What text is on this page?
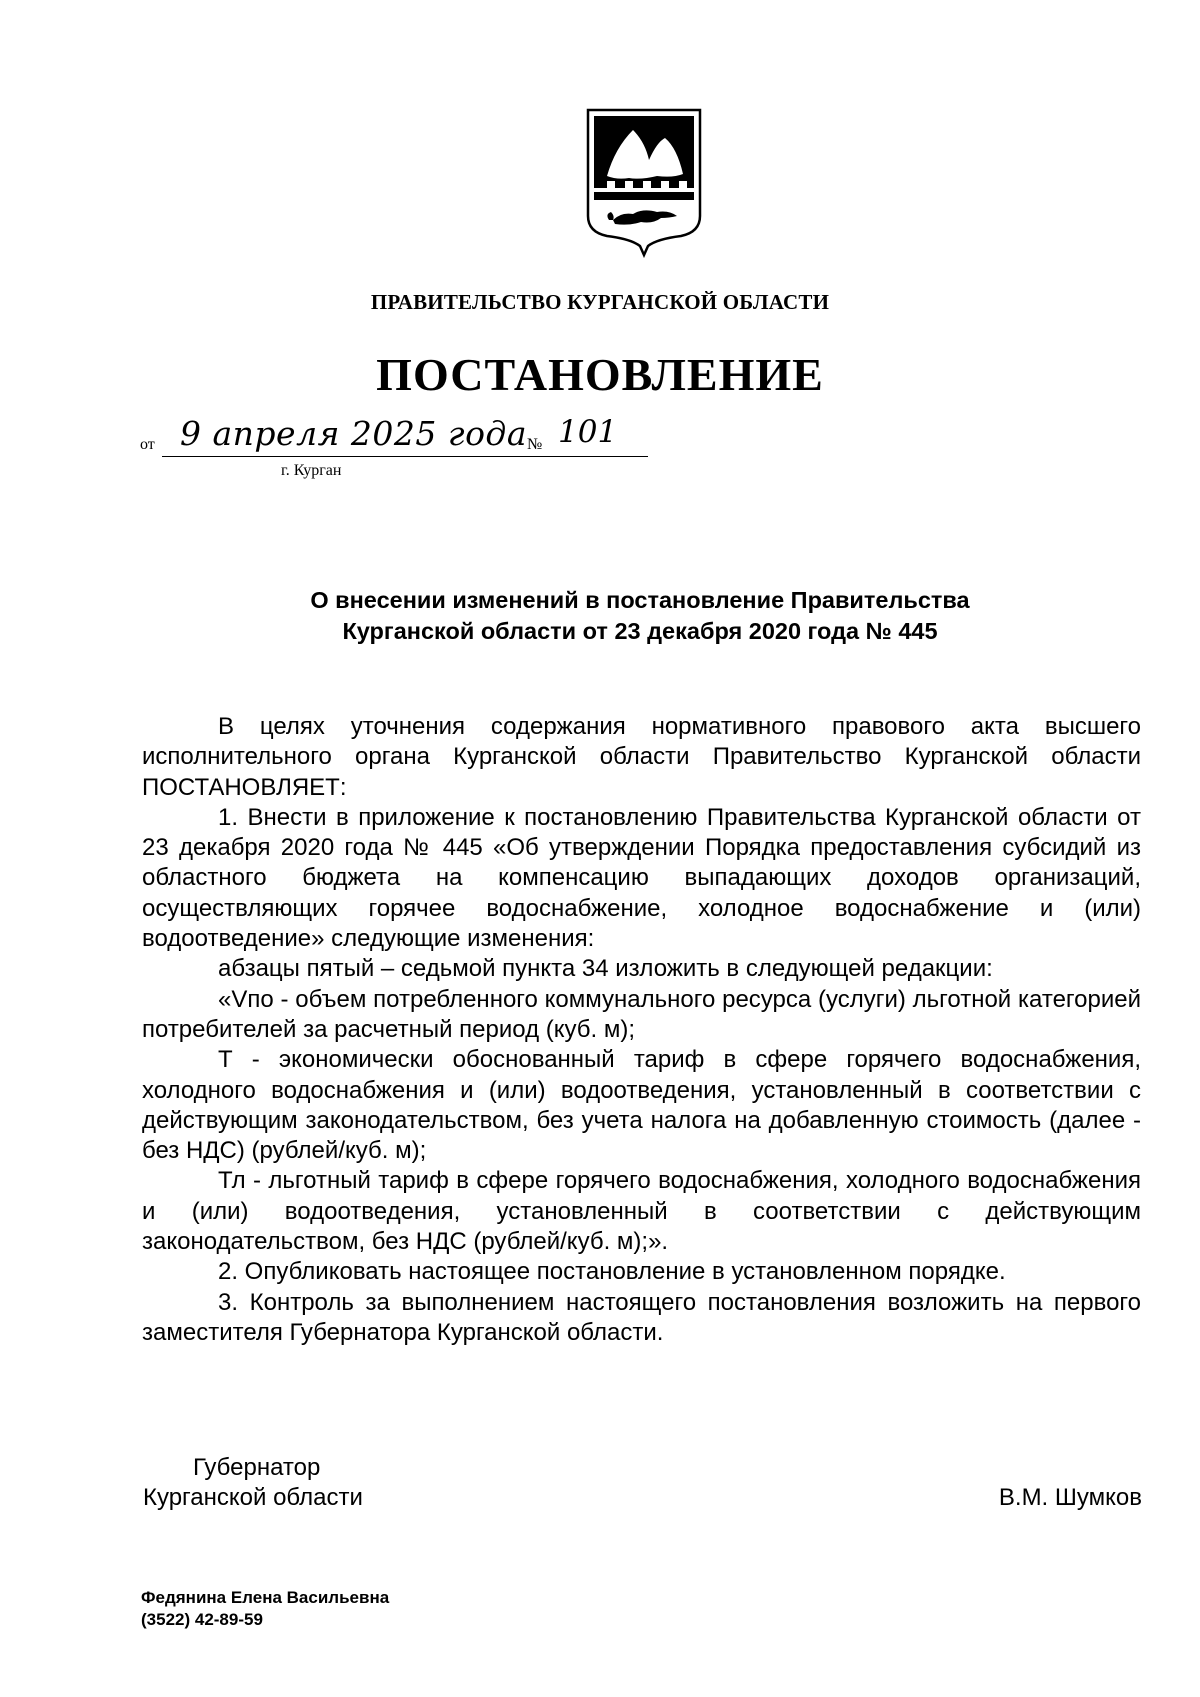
ПРАВИТЕЛЬСТВО КУРГАНСКОЙ ОБЛАСТИ
ПОСТАНОВЛЕНИЕ
от 9 апреля 2025 года № 101
г. Курган
О внесении изменений в постановление Правительства
Курганской области от 23 декабря 2020 года № 445

В целях уточнения содержания нормативного правового акта высшего исполнительного органа Курганской области Правительство Курганской области ПОСТАНОВЛЯЕТ:

1. Внести в приложение к постановлению Правительства Курганской области от 23 декабря 2020 года № 445 «Об утверждении Порядка предоставления субсидий из областного бюджета на компенсацию выпадающих доходов организаций, осуществляющих горячее водоснабжение, холодное водоснабжение и (или) водоотведение» следующие изменения:

абзацы пятый – седьмой пункта 34 изложить в следующей редакции:

«Vпо - объем потребленного коммунального ресурса (услуги) льготной категорией потребителей за расчетный период (куб. м);

Т - экономически обоснованный тариф в сфере горячего водоснабжения, холодного водоснабжения и (или) водоотведения, установленный в соответствии с действующим законодательством, без учета налога на добавленную стоимость (далее - без НДС) (рублей/куб. м);

Тл - льготный тариф в сфере горячего водоснабжения, холодного водоснабжения и (или) водоотведения, установленный в соответствии с действующим законодательством, без НДС (рублей/куб. м);».

2. Опубликовать настоящее постановление в установленном порядке.

3. Контроль за выполнением настоящего постановления возложить на первого заместителя Губернатора Курганской области.

Губернатор
Курганской области	В.М. Шумков
Федянина Елена Васильевна
(3522) 42-89-59
